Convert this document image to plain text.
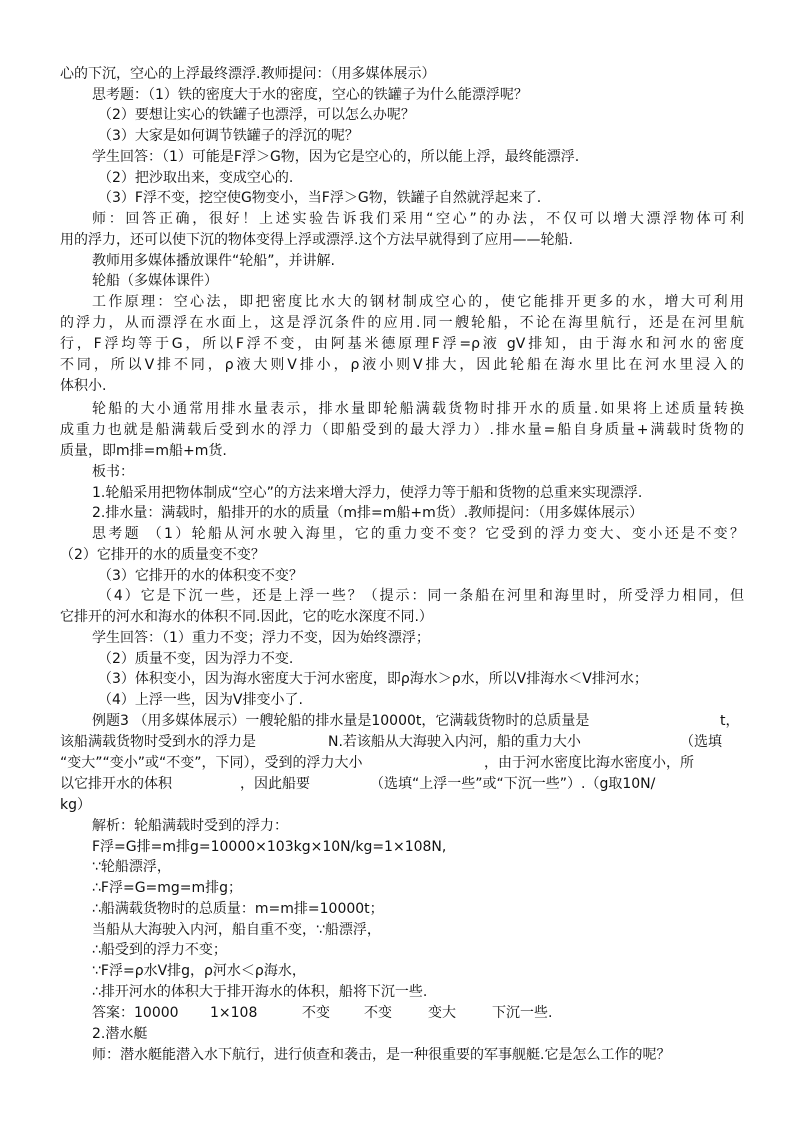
心的下沉，空心的上浮最终漂浮.教师提问：（用多媒体展示）
思考题：（1）铁的密度大于水的密度，空心的铁罐子为什么能漂浮呢？
（2）要想让实心的铁罐子也漂浮，可以怎么办呢？
（3）大家是如何调节铁罐子的浮沉的呢？
学生回答：（1）可能是F浮＞G物，因为它是空心的，所以能上浮，最终能漂浮.
（2）把沙取出来，变成空心的.
（3）F浮不变，挖空使G物变小，当F浮＞G物，铁罐子自然就浮起来了.
师：回答正确，很好！上述实验告诉我们采用“空心”的办法，不仅可以增大漂浮物体可利
用的浮力，还可以使下沉的物体变得上浮或漂浮.这个方法早就得到了应用——轮船.
教师用多媒体播放课件“轮船”，并讲解.
轮船（多媒体课件）
工作原理：空心法，即把密度比水大的钢材制成空心的，使它能排开更多的水，增大可利用
的浮力，从而漂浮在水面上，这是浮沉条件的应用.同一艘轮船，不论在海里航行，还是在河里航
行，F浮均等于G，所以F浮不变，由阿基米德原理F浮=ρ液 gV排知，由于海水和河水的密度
不同，所以V排不同，ρ液大则V排小，ρ液小则V排大，因此轮船在海水里比在河水里浸入的
体积小.
轮船的大小通常用排水量表示，排水量即轮船满载货物时排开水的质量.如果将上述质量转换
成重力也就是船满载后受到水的浮力（即船受到的最大浮力）.排水量=船自身质量+满载时货物的
质量，即m排=m船+m货.
板书：
1.轮船采用把物体制成“空心”的方法来增大浮力，使浮力等于船和货物的总重来实现漂浮.
2.排水量：满载时，船排开的水的质量（m排=m船+m货）.教师提问：（用多媒体展示）
思考题 （1）轮船从河水驶入海里，它的重力变不变？它受到的浮力变大、变小还是不变？
（2）它排开的水的质量变不变？
（3）它排开的水的体积变不变？
（4）它是下沉一些，还是上浮一些？（提示：同一条船在河里和海里时，所受浮力相同，但
它排开的河水和海水的体积不同.因此，它的吃水深度不同.）
学生回答：（1）重力不变；浮力不变，因为始终漂浮；
（2）质量不变，因为浮力不变.
（3）体积变小，因为海水密度大于河水密度，即ρ海水＞ρ水，所以V排海水＜V排河水；
（4）上浮一些，因为V排变小了.
例题3 （用多媒体展示）一艘轮船的排水量是10000t，它满载货物时的总质量是	t，
该船满载货物时受到水的浮力是	N.若该船从大海驶入内河，船的重力大小	（选填
“变大”“变小”或“不变”，下同），受到的浮力大小	，由于河水密度比海水密度小，所
以它排开水的体积	，因此船要	（选填“上浮一些”或“下沉一些”）.（g取10N/
kg）
解析：轮船满载时受到的浮力：
F浮=G排=m排g=10000×103kg×10N/kg=1×108N,
∵轮船漂浮，
∴F浮=G=mg=m排g；
∴船满载货物时的总质量：m=m排=10000t；
当船从大海驶入内河，船自重不变，∵船漂浮，
∴船受到的浮力不变；
∵F浮=ρ水V排g，ρ河水＜ρ海水，
∴排开河水的体积大于排开海水的体积，船将下沉一些.
答案：10000 1×108	不变 不变	变大	下沉一些.
2.潜水艇
师：潜水艇能潜入水下航行，进行侦查和袭击，是一种很重要的军事舰艇.它是怎么工作的呢？
